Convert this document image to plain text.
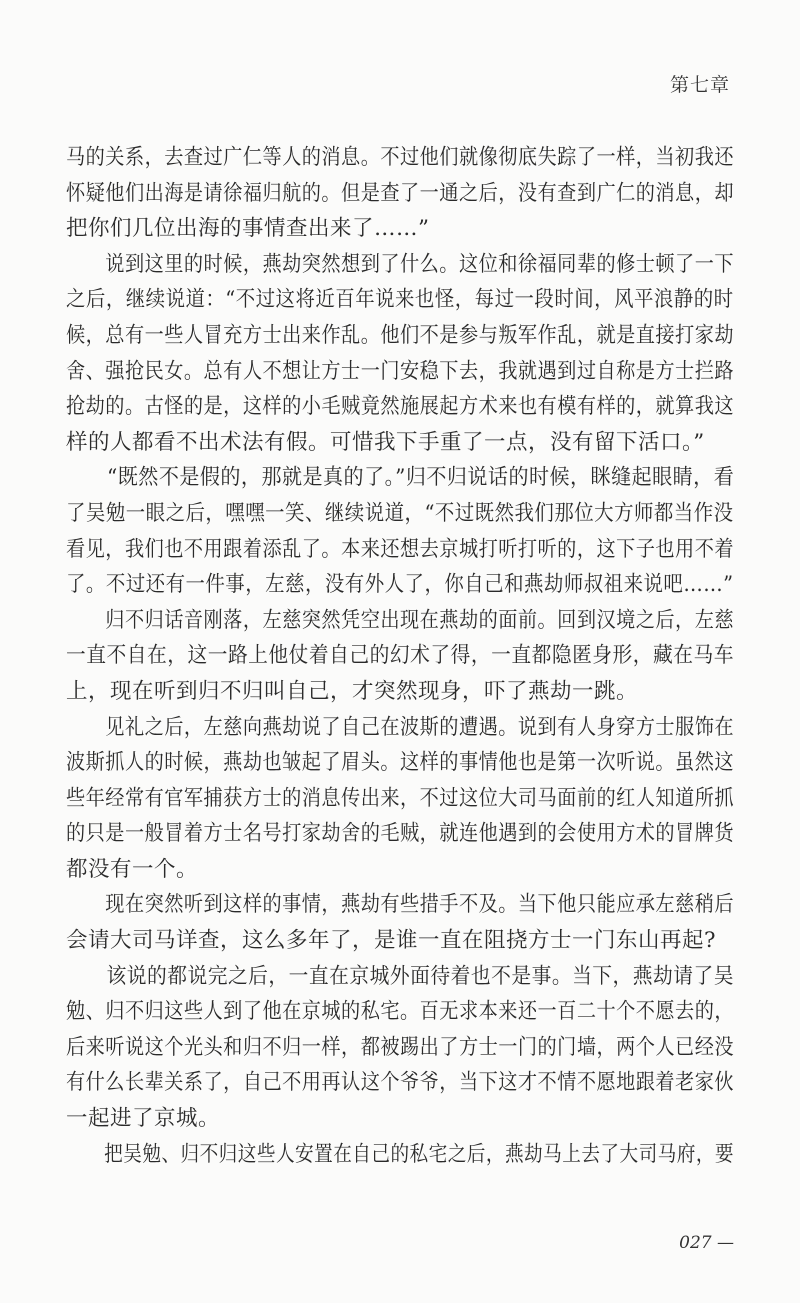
第七章
马的关系，去查过广仁等人的消息。不过他们就像彻底失踪了一样，当初我还
怀疑他们出海是请徐福归航的。但是查了一通之后，没有查到广仁的消息，却
把你们几位出海的事情查出来了……”
　　说到这里的时候，燕劫突然想到了什么。这位和徐福同辈的修士顿了一下
之后，继续说道：“不过这将近百年说来也怪，每过一段时间，风平浪静的时
候，总有一些人冒充方士出来作乱。他们不是参与叛军作乱，就是直接打家劫
舍、强抢民女。总有人不想让方士一门安稳下去，我就遇到过自称是方士拦路
抢劫的。古怪的是，这样的小毛贼竟然施展起方术来也有模有样的，就算我这
样的人都看不出术法有假。可惜我下手重了一点，没有留下活口。”
　　“既然不是假的，那就是真的了。”归不归说话的时候，眯缝起眼睛，看
了吴勉一眼之后，嘿嘿一笑、继续说道，“不过既然我们那位大方师都当作没
看见，我们也不用跟着添乱了。本来还想去京城打听打听的，这下子也用不着
了。不过还有一件事，左慈，没有外人了，你自己和燕劫师叔祖来说吧……”
　　归不归话音刚落，左慈突然凭空出现在燕劫的面前。回到汉境之后，左慈
一直不自在，这一路上他仗着自己的幻术了得，一直都隐匿身形，藏在马车
上，现在听到归不归叫自己，才突然现身，吓了燕劫一跳。
　　见礼之后，左慈向燕劫说了自己在波斯的遭遇。说到有人身穿方士服饰在
波斯抓人的时候，燕劫也皱起了眉头。这样的事情他也是第一次听说。虽然这
些年经常有官军捕获方士的消息传出来，不过这位大司马面前的红人知道所抓
的只是一般冒着方士名号打家劫舍的毛贼，就连他遇到的会使用方术的冒牌货
都没有一个。
　　现在突然听到这样的事情，燕劫有些措手不及。当下他只能应承左慈稍后
会请大司马详查，这么多年了，是谁一直在阻挠方士一门东山再起?
　　该说的都说完之后，一直在京城外面待着也不是事。当下，燕劫请了吴
勉、归不归这些人到了他在京城的私宅。百无求本来还一百二十个不愿去的，
后来听说这个光头和归不归一样，都被踢出了方士一门的门墙，两个人已经没
有什么长辈关系了，自己不用再认这个爷爷，当下这才不情不愿地跟着老家伙
一起进了京城。
　　把吴勉、归不归这些人安置在自己的私宅之后，燕劫马上去了大司马府，要
027 —
